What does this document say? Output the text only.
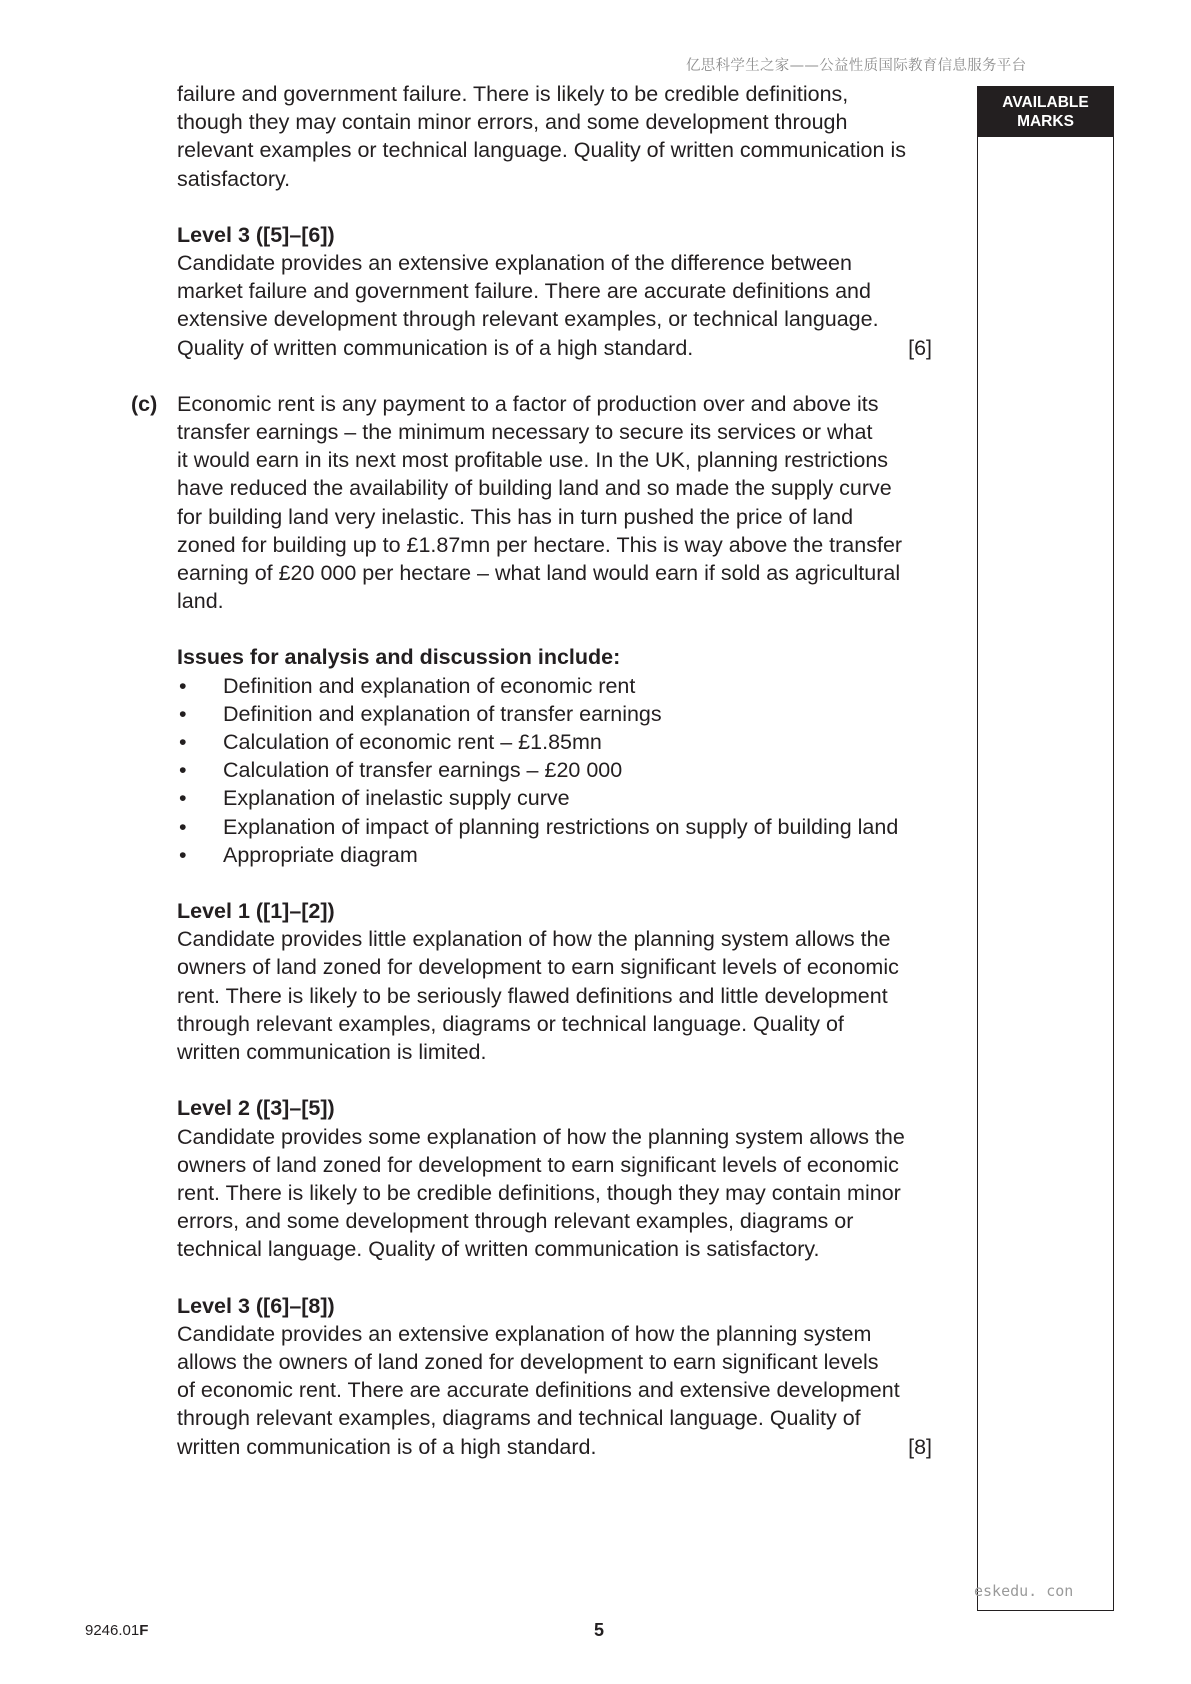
亿思科学生之家——公益性质国际教育信息服务平台
AVAILABLE
MARKS
eskedu. con

failure and government failure. There is likely to be credible definitions,

though they may contain minor errors, and some development through

relevant examples or technical language. Quality of written communication is

satisfactory.

Level 3 ([5]–[6])

Candidate provides an extensive explanation of the difference between

market failure and government failure. There are accurate definitions and

extensive development through relevant examples, or technical language.

Quality of written communication is of a high standard.	[6]

(c) Economic rent is any payment to a factor of production over and above its

transfer earnings – the minimum necessary to secure its services or what

it would earn in its next most profitable use. In the UK, planning restrictions

have reduced the availability of building land and so made the supply curve

for building land very inelastic. This has in turn pushed the price of land

zoned for building up to £1.87mn per hectare. This is way above the transfer

earning of £20 000 per hectare – what land would earn if sold as agricultural

land.

Issues for analysis and discussion include:

• Definition and explanation of economic rent
• Definition and explanation of transfer earnings
• Calculation of economic rent – £1.85mn
• Calculation of transfer earnings – £20 000
• Explanation of inelastic supply curve
• Explanation of impact of planning restrictions on supply of building land
• Appropriate diagram

Level 1 ([1]–[2])

Candidate provides little explanation of how the planning system allows the

owners of land zoned for development to earn significant levels of economic

rent. There is likely to be seriously flawed definitions and little development

through relevant examples, diagrams or technical language. Quality of

written communication is limited.

Level 2 ([3]–[5])

Candidate provides some explanation of how the planning system allows the

owners of land zoned for development to earn significant levels of economic

rent. There is likely to be credible definitions, though they may contain minor

errors, and some development through relevant examples, diagrams or

technical language. Quality of written communication is satisfactory.

Level 3 ([6]–[8])

Candidate provides an extensive explanation of how the planning system

allows the owners of land zoned for development to earn significant levels

of economic rent. There are accurate definitions and extensive development

through relevant examples, diagrams and technical language. Quality of

written communication is of a high standard.	[8]

9246.01F	5
